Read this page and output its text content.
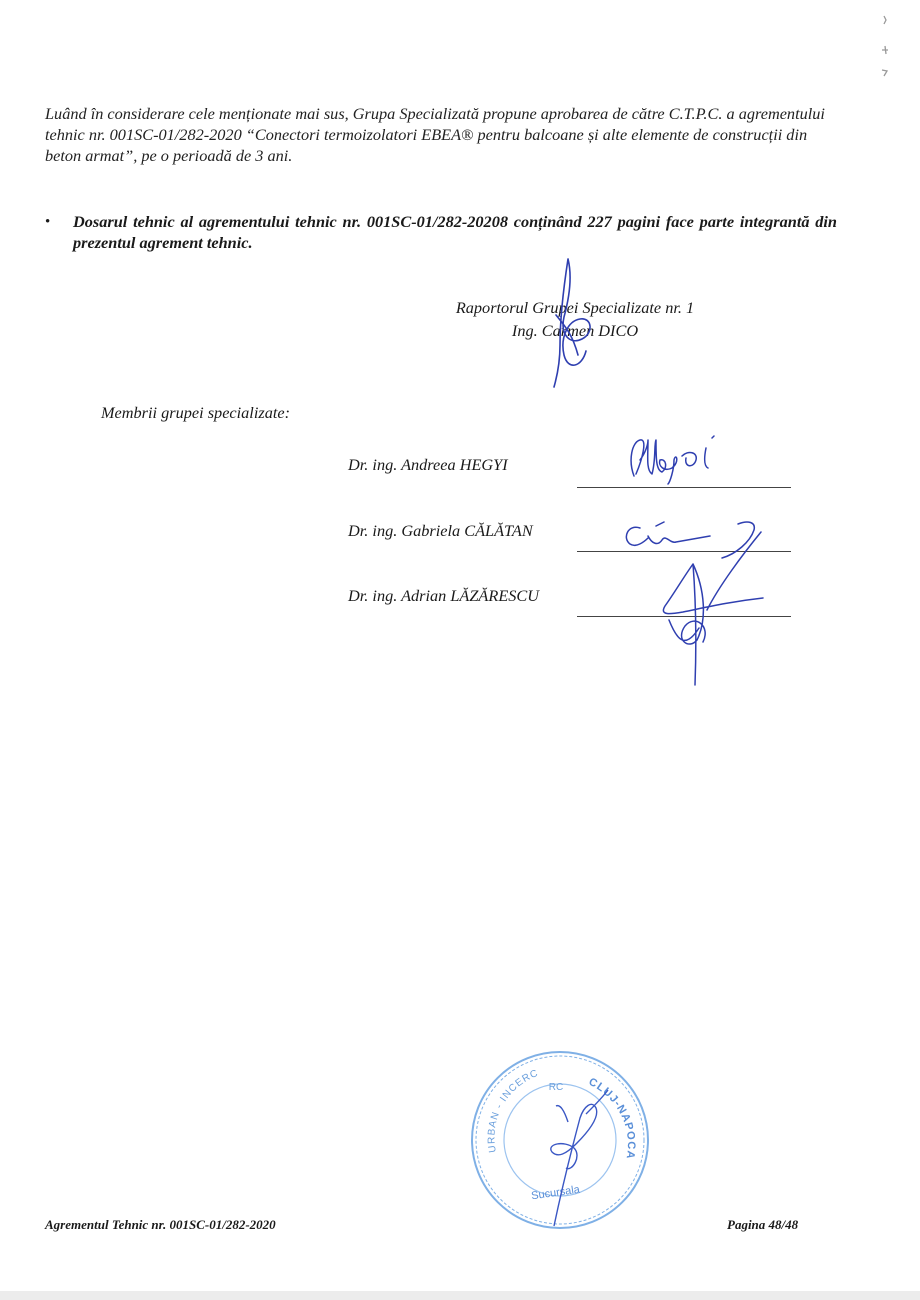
Luând în considerare cele menționate mai sus, Grupa Specializată propune aprobarea de către C.T.P.C. a agrementului tehnic nr. 001SC-01/282-2020 “Conectori termoizolatori EBEA® pentru balcoane și alte elemente de construcții din beton armat”, pe o perioadă de 3 ani.

• Dosarul tehnic al agrementului tehnic nr. 001SC-01/282-20208 conținând 227 pagini face parte integrantă din prezentul agrement tehnic.

Raportorul Grupei Specializate nr. 1
Ing. Carmen DICO

Membrii grupei specializate:

Dr. ing. Andreea HEGYI
Dr. ing. Gabriela CĂLĂTAN
Dr. ing. Adrian LĂZĂRESCU
URBAN - INCERC
CLUJ-NAPOCA
RC
Sucursala
Agrementul Tehnic nr. 001SC-01/282-2020	Pagina 48/48
